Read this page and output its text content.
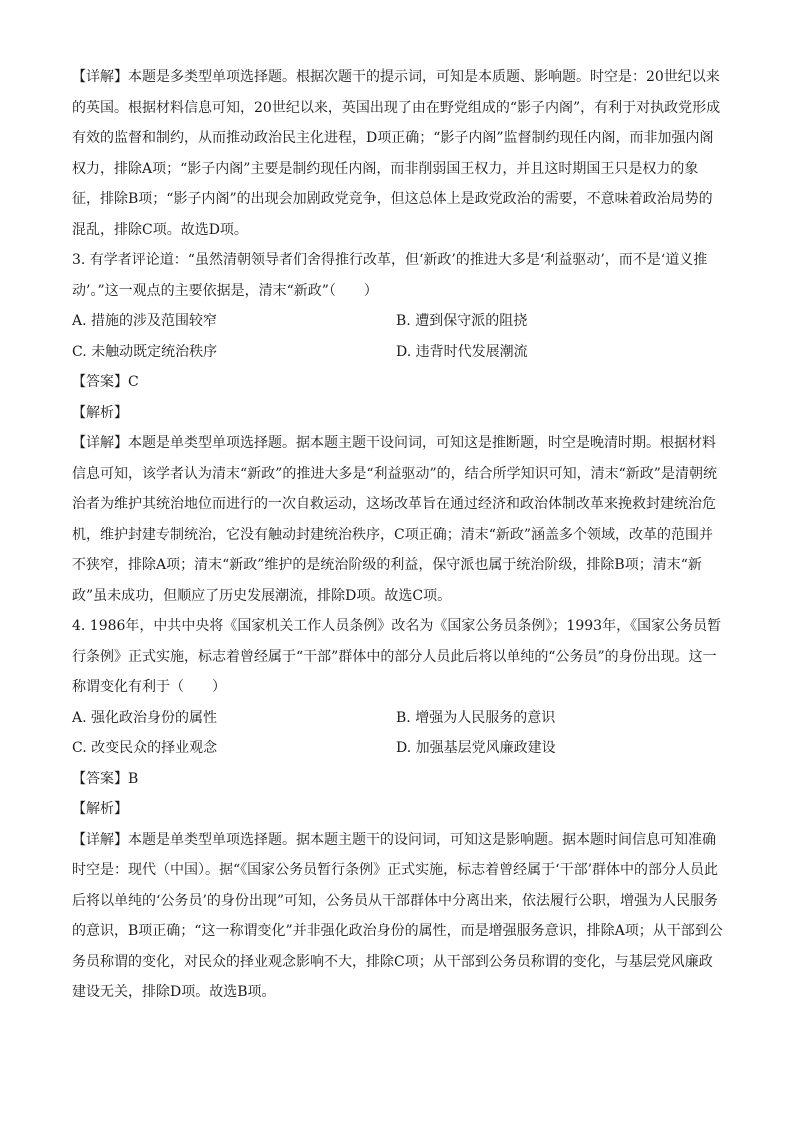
【详解】本题是多类型单项选择题。根据次题干的提示词，可知是本质题、影响题。时空是：20世纪以来的英国。根据材料信息可知，20世纪以来，英国出现了由在野党组成的“影子内阁”，有利于对执政党形成有效的监督和制约，从而推动政治民主化进程，D项正确；“影子内阁”监督制约现任内阁，而非加强内阁权力，排除A项；“影子内阁”主要是制约现任内阁，而非削弱国王权力，并且这时期国王只是权力的象征，排除B项；“影子内阁”的出现会加剧政党竞争，但这总体上是政党政治的需要，不意味着政治局势的混乱，排除C项。故选D项。

3. 有学者评论道：“虽然清朝领导者们舍得推行改革，但‘新政’的推进大多是‘利益驱动’，而不是‘道义推动’。”这一观点的主要依据是，清末“新政”（　　）

A. 措施的涉及范围较窄	B. 遭到保守派的阻挠
C. 未触动既定统治秩序	D. 违背时代发展潮流

【答案】C

【解析】

【详解】本题是单类型单项选择题。据本题主题干设问词，可知这是推断题，时空是晚清时期。根据材料信息可知，该学者认为清末“新政”的推进大多是“利益驱动”的，结合所学知识可知，清末“新政”是清朝统治者为维护其统治地位而进行的一次自救运动，这场改革旨在通过经济和政治体制改革来挽救封建统治危机，维护封建专制统治，它没有触动封建统治秩序，C项正确；清末“新政”涵盖多个领域，改革的范围并不狭窄，排除A项；清末“新政”维护的是统治阶级的利益，保守派也属于统治阶级，排除B项；清末“新政”虽未成功，但顺应了历史发展潮流，排除D项。故选C项。

4. 1986年，中共中央将《国家机关工作人员条例》改名为《国家公务员条例》；1993年，《国家公务员暂行条例》正式实施，标志着曾经属于“干部”群体中的部分人员此后将以单纯的“公务员”的身份出现。这一称谓变化有利于（　　）

A. 强化政治身份的属性	B. 增强为人民服务的意识
C. 改变民众的择业观念	D. 加强基层党风廉政建设

【答案】B

【解析】

【详解】本题是单类型单项选择题。据本题主题干的设问词，可知这是影响题。据本题时间信息可知准确时空是：现代（中国）。据“《国家公务员暂行条例》正式实施，标志着曾经属于‘干部’群体中的部分人员此后将以单纯的‘公务员’的身份出现”可知，公务员从干部群体中分离出来，依法履行公职，增强为人民服务的意识，B项正确；“这一称谓变化”并非强化政治身份的属性，而是增强服务意识，排除A项；从干部到公务员称谓的变化，对民众的择业观念影响不大，排除C项；从干部到公务员称谓的变化，与基层党风廉政建设无关，排除D项。故选B项。
